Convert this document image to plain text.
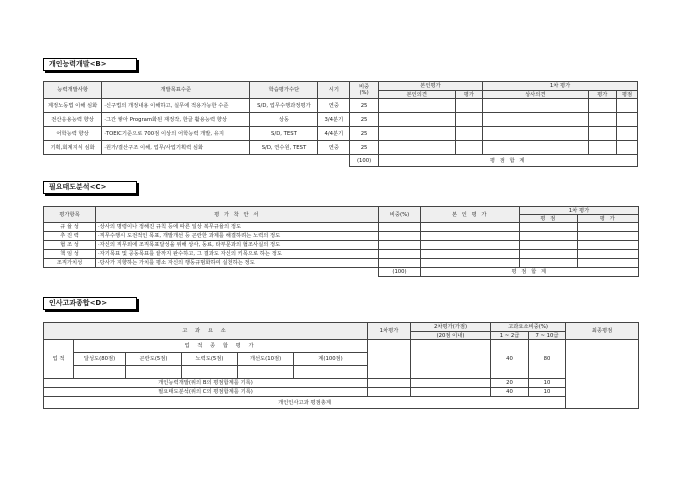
개인능력개발<B>
능력개발사항	개발목표수준	학습평가수단	시기	비중
(%)	본인평가		1차 평가		
					본인의견	평가	상사의견	평가	평점
계정노동법 이해 심화	·신구법의 개정내용 이해하고, 실무에 적용가능한 수준	S/D, 업무수행과정평가	연중	25					
전산응용능력 향상	·그간 쌓아 Program화된 재정작, 한글 활용능력 향상	상동	3/4분기	25					
어학능력 향상	·TOEIC기준으로 700점 이상의 어학능력 개발, 유지	S/D, TEST	4/4분기	25					
기획,회계지식 심화	·원가/결산구조 이해, 업무/사업기획력 심화	S/D, 연수원, TEST	연중	25					
				(100)	평 점 합 계				
필요태도분석<C>
평가항목	평 가 착 안 서	비중(%)	본 인 평 가	1차 평가	
				평 점	평 가
규 율 성	·상사의 명령이나 정해진 규칙 등에 따른 일상 복무규율의 정도				
추 진 력	·직무수행시 도전적인 목표, 개발개선 등 곤란한 과제를 해결하려는 노력의 정도				
협 조 성	·자신의 직무외에 조직목표달성을 위해 상사, 동료, 타부문과의 협조사실의 정도				
책 임 성	·자기목표 및 공동목표를 끝까지 완수하고, 그 결과도 자신의 키목으로 하는 정도				
조직가치성	·당사가 지향하는 가치를 평소 자신의 행동규범화하여 실천하는 정도				
		(100)	평 점 합 계		
인사고과종합<D>
고 과 요 소						1차평가	2차평가(가점)	고과요소비중(%)		최종평점
							(20점 이내)	1 ~ 2급	7 ~ 10급	
업 적	업 적 종 합 평 가							40	80	
	달성도(80점)	곤란도(5점)	노력도(5점)	개선도(10점)	계(100점)					

개인능력개발(위의 B의 평점합계를 기록)								20	10	
필요태도분석(위의 C의 평점합계를 기록)								40	10	
개인인사고과 평점총계										
